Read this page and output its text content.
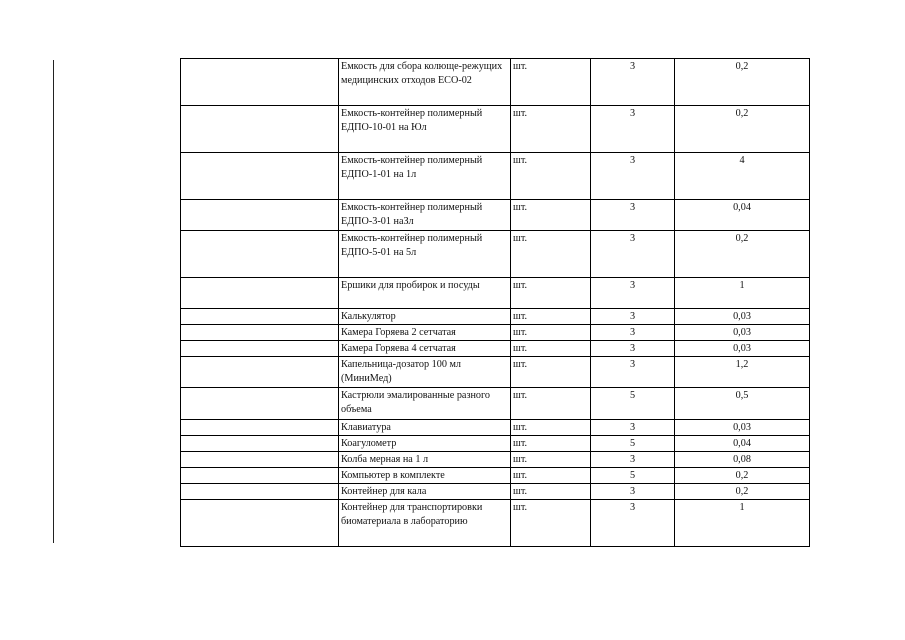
	Емкость для сбора колюще-режущих медицинских отходов ЕСО-02	шт.	3	0,2
	Емкость-контейнер полимерный ЕДПО-10-01 на Юл	шт.	3	0,2
	Емкость-контейнер полимерный ЕДПО-1-01 на 1л	шт.	3	4
	Емкость-контейнер полимерный ЕДПО-3-01 наЗл	шт.	3	0,04
	Емкость-контейнер полимерный ЕДПО-5-01 на 5л	шт.	3	0,2
	Ершики для пробирок и посуды	шт.	3	1
	Калькулятор	шт.	3	0,03
	Камера Горяева 2 сетчатая	шт.	3	0,03
	Камера Горяева 4 сетчатая	шт.	3	0,03
	Капельница-дозатор 100 мл (МиниМед)	шт.	3	1,2
	Кастрюли эмалированные разного объема	шт.	5	0,5
	Клавиатура	шт.	3	0,03
	Коагулометр	шт.	5	0,04
	Колба мерная на 1 л	шт.	3	0,08
	Компьютер в комплекте	шт.	5	0,2
	Контейнер для кала	шт.	3	0,2
	Контейнер для транспортировки биоматериала в лабораторию	шт.	3	1
